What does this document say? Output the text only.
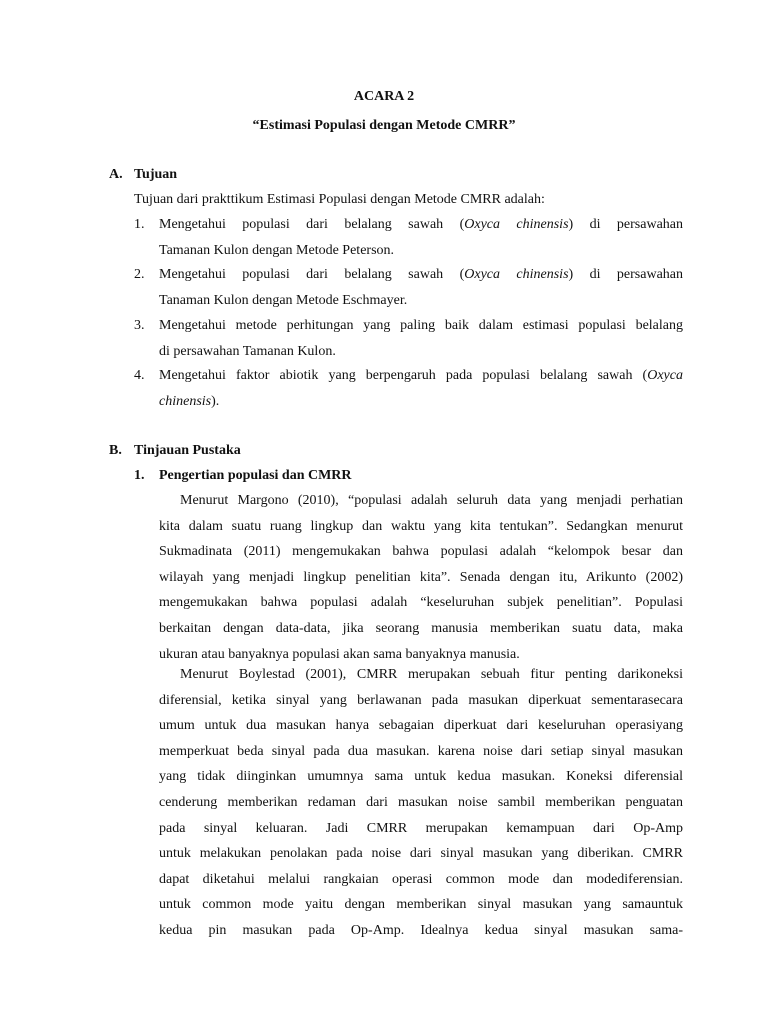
ACARA 2
“Estimasi Populasi dengan Metode CMRR”
A. Tujuan
Tujuan dari prakttikum Estimasi Populasi dengan Metode CMRR adalah:
1. Mengetahui populasi dari belalang sawah (Oxyca chinensis) di persawahan
Tamanan Kulon dengan Metode Peterson.
2. Mengetahui populasi dari belalang sawah (Oxyca chinensis) di persawahan
Tanaman Kulon dengan Metode Eschmayer.
3. Mengetahui metode perhitungan yang paling baik dalam estimasi populasi belalang
di persawahan Tamanan Kulon.
4. Mengetahui faktor abiotik yang berpengaruh pada populasi belalang sawah (Oxyca
chinensis).
B. Tinjauan Pustaka
1. Pengertian populasi dan CMRR
Menurut Margono (2010), “populasi adalah seluruh data yang menjadi perhatian
kita dalam suatu ruang lingkup dan waktu yang kita tentukan”. Sedangkan menurut
Sukmadinata (2011) mengemukakan bahwa populasi adalah “kelompok besar dan
wilayah yang menjadi lingkup penelitian kita”. Senada dengan itu, Arikunto (2002)
mengemukakan bahwa populasi adalah “keseluruhan subjek penelitian”. Populasi
berkaitan dengan data-data, jika seorang manusia memberikan suatu data, maka
ukuran atau banyaknya populasi akan sama banyaknya manusia.
Menurut Boylestad (2001), CMRR merupakan sebuah fitur penting darikoneksi
diferensial, ketika sinyal yang berlawanan pada masukan diperkuat sementarasecara
umum untuk dua masukan hanya sebagaian diperkuat dari keseluruhan operasiyang
memperkuat beda sinyal pada dua masukan. karena noise dari setiap sinyal masukan
yang tidak diinginkan umumnya sama untuk kedua masukan. Koneksi diferensial
cenderung memberikan redaman dari masukan noise sambil memberikan penguatan
pada sinyal keluaran. Jadi CMRR merupakan kemampuan dari Op-Amp
untuk melakukan penolakan pada noise dari sinyal masukan yang diberikan. CMRR
dapat diketahui melalui rangkaian operasi common mode dan modediferensian.
untuk common mode yaitu dengan memberikan sinyal masukan yang samauntuk
kedua pin masukan pada Op-Amp. Idealnya kedua sinyal masukan sama-
